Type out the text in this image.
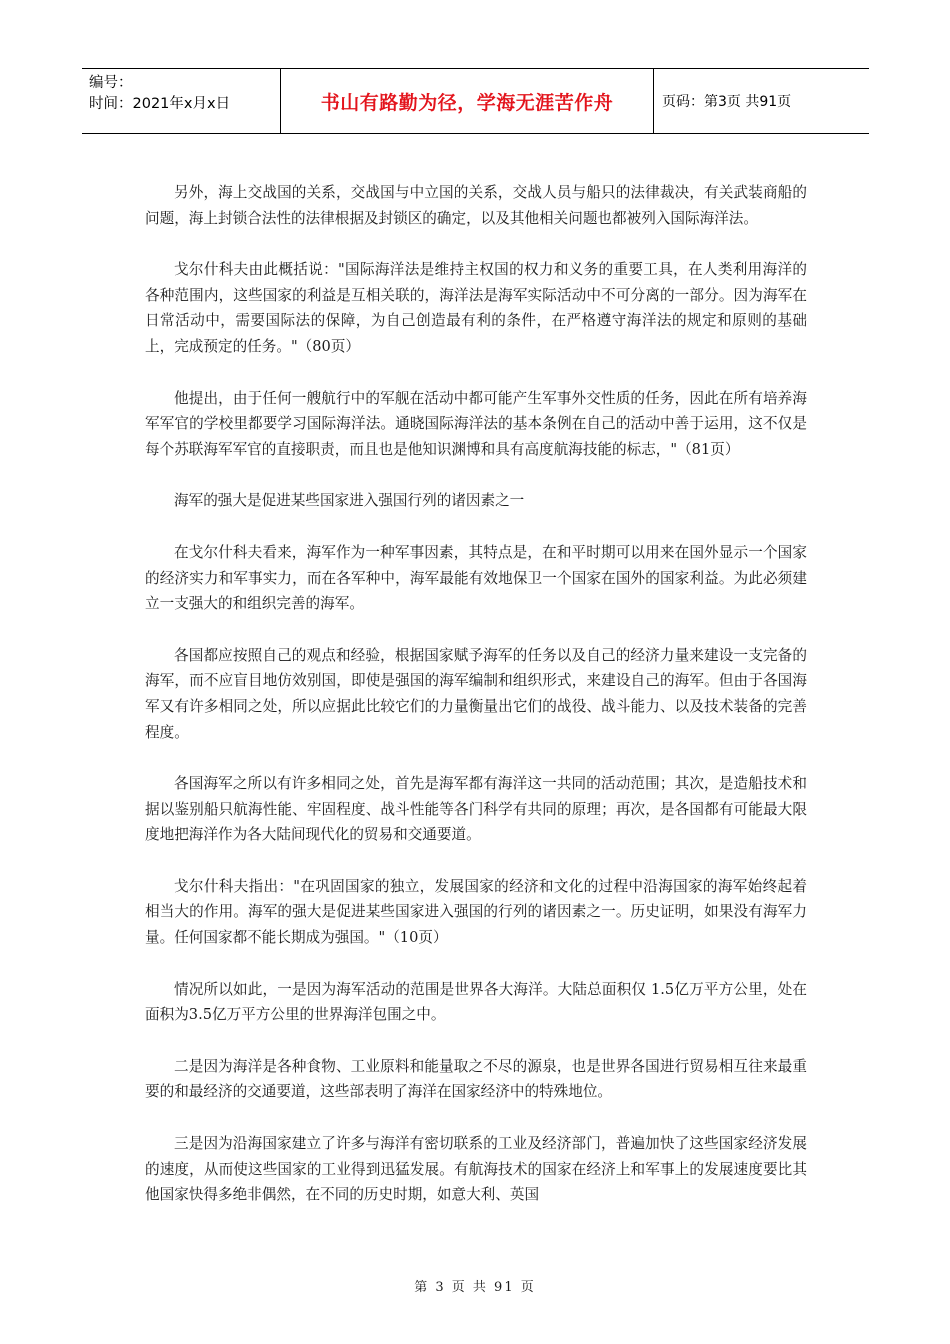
编号：
时间：2021年x月x日	书山有路勤为径，学海无涯苦作舟	页码：第3页 共91页

另外，海上交战国的关系，交战国与中立国的关系，交战人员与船只的法律裁决，有关武装商船的问题，海上封锁合法性的法律根据及封锁区的确定，以及其他相关问题也都被列入国际海洋法。

戈尔什科夫由此概括说："国际海洋法是维持主权国的权力和义务的重要工具，在人类利用海洋的各种范围内，这些国家的利益是互相关联的，海洋法是海军实际活动中不可分离的一部分。因为海军在日常活动中，需要国际法的保障，为自己创造最有利的条件，在严格遵守海洋法的规定和原则的基础上，完成预定的任务。"（80页）

他提出，由于任何一艘航行中的军舰在活动中都可能产生军事外交性质的任务，因此在所有培养海军军官的学校里都要学习国际海洋法。通晓国际海洋法的基本条例在自己的活动中善于运用，这不仅是每个苏联海军军官的直接职责，而且也是他知识渊博和具有高度航海技能的标志，"（81页）

海军的强大是促进某些国家进入强国行列的诸因素之一

在戈尔什科夫看来，海军作为一种军事因素，其特点是，在和平时期可以用来在国外显示一个国家的经济实力和军事实力，而在各军种中，海军最能有效地保卫一个国家在国外的国家利益。为此必须建立一支强大的和组织完善的海军。

各国都应按照自己的观点和经验，根据国家赋予海军的任务以及自己的经济力量来建设一支完备的海军，而不应盲目地仿效别国，即使是强国的海军编制和组织形式，来建设自己的海军。但由于各国海军又有许多相同之处，所以应据此比较它们的力量衡量出它们的战役、战斗能力、以及技术装备的完善程度。

各国海军之所以有许多相同之处，首先是海军都有海洋这一共同的活动范围；其次，是造船技术和据以鉴别船只航海性能、牢固程度、战斗性能等各门科学有共同的原理；再次，是各国都有可能最大限度地把海洋作为各大陆间现代化的贸易和交通要道。

戈尔什科夫指出："在巩固国家的独立，发展国家的经济和文化的过程中沿海国家的海军始终起着相当大的作用。海军的强大是促进某些国家进入强国的行列的诸因素之一。历史证明，如果没有海军力量。任何国家都不能长期成为强国。"（10页）

情况所以如此，一是因为海军活动的范围是世界各大海洋。大陆总面积仅 1.5亿万平方公里，处在面积为3.5亿万平方公里的世界海洋包围之中。

二是因为海洋是各种食物、工业原料和能量取之不尽的源泉，也是世界各国进行贸易相互往来最重要的和最经济的交通要道，这些部表明了海洋在国家经济中的特殊地位。

三是因为沿海国家建立了许多与海洋有密切联系的工业及经济部门，普遍加快了这些国家经济发展的速度，从而使这些国家的工业得到迅猛发展。有航海技术的国家在经济上和军事上的发展速度要比其他国家快得多绝非偶然，在不同的历史时期，如意大利、英国

第 3 页 共 91 页
